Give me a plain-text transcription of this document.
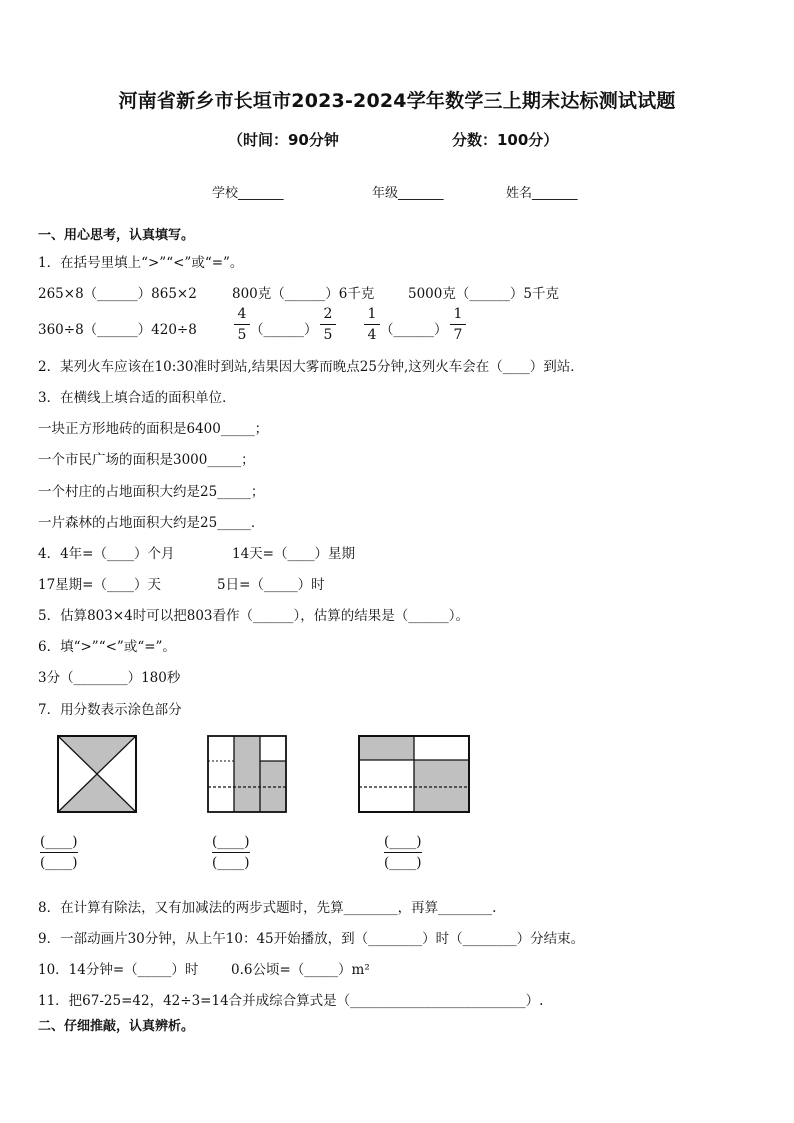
河南省新乡市长垣市2023-2024学年数学三上期末达标测试试题
（时间：90分钟	分数：100分）
学校_______	年级_______	姓名_______
一、用心思考，认真填写。
1．在括号里填上“>”“<”或“=”。
265×8（______）865×2	800克（______）6千克 5000克（______）5千克
360÷8（______）420÷8
4
5 （______）
2
5
1
4 （______）
1
7
2．某列火车应该在10:30准时到站,结果因大雾而晚点25分钟,这列火车会在（____）到站．
3．在横线上填合适的面积单位．
一块正方形地砖的面积是6400_____；
一个市民广场的面积是3000_____；
一个村庄的占地面积大约是25_____；
一片森林的占地面积大约是25_____．
4．4年=（____）个月	14天=（____）星期
17星期=（____）天	5日=（_____）时
5．估算803×4时可以把803看作（______），估算的结果是（______）。
6．填“>”“<”或“=”。
3分（________）180秒
7．用分数表示涂色部分
(____)
(____)
(____)
(____)
(____)
(____)
8．在计算有除法，又有加减法的两步式题时，先算________，再算________.
9．一部动画片30分钟，从上午10：45开始播放，到（________）时（________）分结束。
10．14分钟=（_____）时 0.6公顷=（_____）m²
11．把67-25=42，42÷3=14合并成综合算式是（__________________________）.
二、仔细推敲，认真辨析。
